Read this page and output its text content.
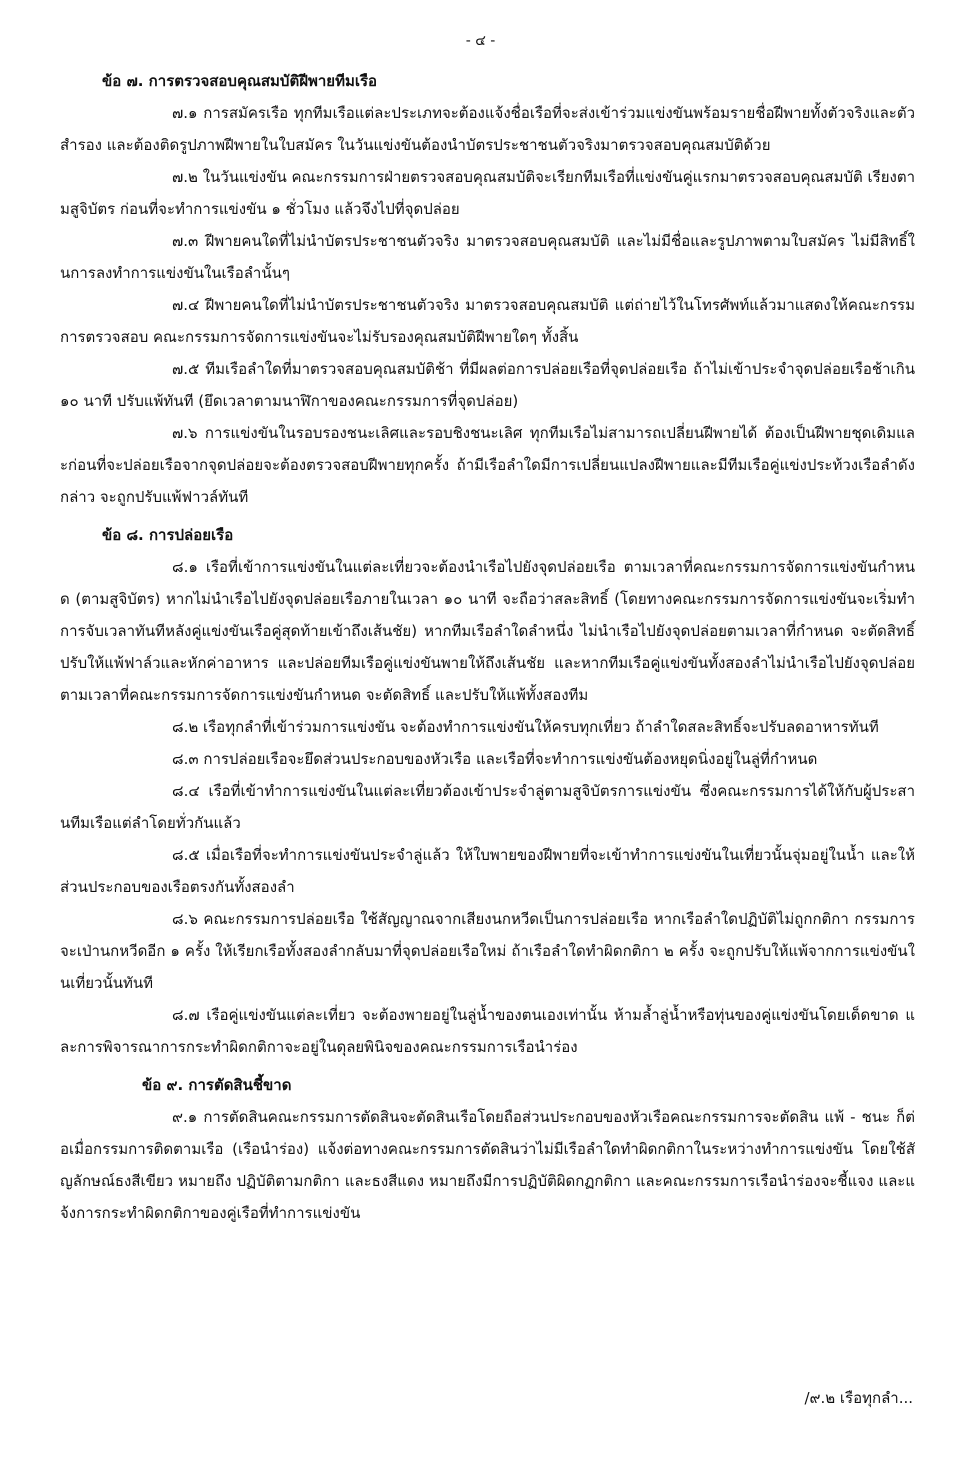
- ๔ -

ข้อ ๗. การตรวจสอบคุณสมบัติฝีพายทีมเรือ

๗.๑ การสมัครเรือ ทุกทีมเรือแต่ละประเภทจะต้องแจ้งชื่อเรือที่จะส่งเข้าร่วมแข่งขันพร้อมรายชื่อฝีพายทั้งตัวจริงและตัวสำรอง และต้องติดรูปภาพฝีพายในใบสมัคร ในวันแข่งขันต้องนำบัตรประชาชนตัวจริงมาตรวจสอบคุณสมบัติด้วย

๗.๒ ในวันแข่งขัน คณะกรรมการฝ่ายตรวจสอบคุณสมบัติจะเรียกทีมเรือที่แข่งขันคู่แรกมาตรวจสอบคุณสมบัติ เรียงตามสูจิบัตร ก่อนที่จะทำการแข่งขัน ๑ ชั่วโมง แล้วจึงไปที่จุดปล่อย

๗.๓ ฝีพายคนใดที่ไม่นำบัตรประชาชนตัวจริง มาตรวจสอบคุณสมบัติ และไม่มีชื่อและรูปภาพตามใบสมัคร ไม่มีสิทธิ์ในการลงทำการแข่งขันในเรือลำนั้นๆ

๗.๔ ฝีพายคนใดที่ไม่นำบัตรประชาชนตัวจริง มาตรวจสอบคุณสมบัติ แต่ถ่ายไว้ในโทรศัพท์แล้วมาแสดงให้คณะกรรมการตรวจสอบ คณะกรรมการจัดการแข่งขันจะไม่รับรองคุณสมบัติฝีพายใดๆ ทั้งสิ้น

๗.๕ ทีมเรือลำใดที่มาตรวจสอบคุณสมบัติช้า ที่มีผลต่อการปล่อยเรือที่จุดปล่อยเรือ ถ้าไม่เข้าประจำจุดปล่อยเรือช้าเกิน ๑๐ นาที ปรับแพ้ทันที (ยึดเวลาตามนาฬิกาของคณะกรรมการที่จุดปล่อย)

๗.๖ การแข่งขันในรอบรองชนะเลิศและรอบชิงชนะเลิศ ทุกทีมเรือไม่สามารถเปลี่ยนฝีพายได้ ต้องเป็นฝีพายชุดเดิมและก่อนที่จะปล่อยเรือจากจุดปล่อยจะต้องตรวจสอบฝีพายทุกครั้ง ถ้ามีเรือลำใดมีการเปลี่ยนแปลงฝีพายและมีทีมเรือคู่แข่งประท้วงเรือลำดังกล่าว จะถูกปรับแพ้ฟาวล์ทันที

ข้อ ๘. การปล่อยเรือ

๘.๑ เรือที่เข้าการแข่งขันในแต่ละเที่ยวจะต้องนำเรือไปยังจุดปล่อยเรือ ตามเวลาที่คณะกรรมการจัดการแข่งขันกำหนด (ตามสูจิบัตร) หากไม่นำเรือไปยังจุดปล่อยเรือภายในเวลา ๑๐ นาที จะถือว่าสละสิทธิ์ (โดยทางคณะกรรมการจัดการแข่งขันจะเริ่มทำการจับเวลาทันทีหลังคู่แข่งขันเรือคู่สุดท้ายเข้าถึงเส้นชัย) หากทีมเรือลำใดลำหนึ่ง ไม่นำเรือไปยังจุดปล่อยตามเวลาที่กำหนด จะตัดสิทธิ์ปรับให้แพ้ฟาล์วและหักค่าอาหาร และปล่อยทีมเรือคู่แข่งขันพายให้ถึงเส้นชัย และหากทีมเรือคู่แข่งขันทั้งสองลำไม่นำเรือไปยังจุดปล่อยตามเวลาที่คณะกรรมการจัดการแข่งขันกำหนด จะตัดสิทธิ์ และปรับให้แพ้ทั้งสองทีม

๘.๒ เรือทุกลำที่เข้าร่วมการแข่งขัน จะต้องทำการแข่งขันให้ครบทุกเที่ยว ถ้าลำใดสละสิทธิ์จะปรับลดอาหารทันที

๘.๓ การปล่อยเรือจะยึดส่วนประกอบของหัวเรือ และเรือที่จะทำการแข่งขันต้องหยุดนิ่งอยู่ในลู่ที่กำหนด

๘.๔ เรือที่เข้าทำการแข่งขันในแต่ละเที่ยวต้องเข้าประจำลู่ตามสูจิบัตรการแข่งขัน ซึ่งคณะกรรมการได้ให้กับผู้ประสานทีมเรือแต่ลำโดยทั่วกันแล้ว

๘.๕ เมื่อเรือที่จะทำการแข่งขันประจำลู่แล้ว ให้ใบพายของฝีพายที่จะเข้าทำการแข่งขันในเที่ยวนั้นจุ่มอยู่ในน้ำ และให้ส่วนประกอบของเรือตรงกันทั้งสองลำ

๘.๖ คณะกรรมการปล่อยเรือ ใช้สัญญาณจากเสียงนกหวีดเป็นการปล่อยเรือ หากเรือลำใดปฏิบัติไม่ถูกกติกา กรรมการจะเป่านกหวีดอีก ๑ ครั้ง ให้เรียกเรือทั้งสองลำกลับมาที่จุดปล่อยเรือใหม่ ถ้าเรือลำใดทำผิดกติกา ๒ ครั้ง จะถูกปรับให้แพ้จากการแข่งขันในเที่ยวนั้นทันที

๘.๗ เรือคู่แข่งขันแต่ละเที่ยว จะต้องพายอยู่ในลู่น้ำของตนเองเท่านั้น ห้ามล้ำลู่น้ำหรือทุ่นของคู่แข่งขันโดยเด็ดขาด และการพิจารณาการกระทำผิดกติกาจะอยู่ในดุลยพินิจของคณะกรรมการเรือนำร่อง

ข้อ ๙. การตัดสินชี้ขาด

๙.๑ การตัดสินคณะกรรมการตัดสินจะตัดสินเรือโดยถือส่วนประกอบของหัวเรือคณะกรรมการจะตัดสิน แพ้ - ชนะ ก็ต่อเมื่อกรรมการติดตามเรือ (เรือนำร่อง) แจ้งต่อทางคณะกรรมการตัดสินว่าไม่มีเรือลำใดทำผิดกติกาในระหว่างทำการแข่งขัน โดยใช้สัญลักษณ์ธงสีเขียว หมายถึง ปฏิบัติตามกติกา และธงสีแดง หมายถึงมีการปฏิบัติผิดกฏกติกา และคณะกรรมการเรือนำร่องจะชี้แจง และแจ้งการกระทำผิดกติกาของคู่เรือที่ทำการแข่งขัน

/๙.๒ เรือทุกลำ...
